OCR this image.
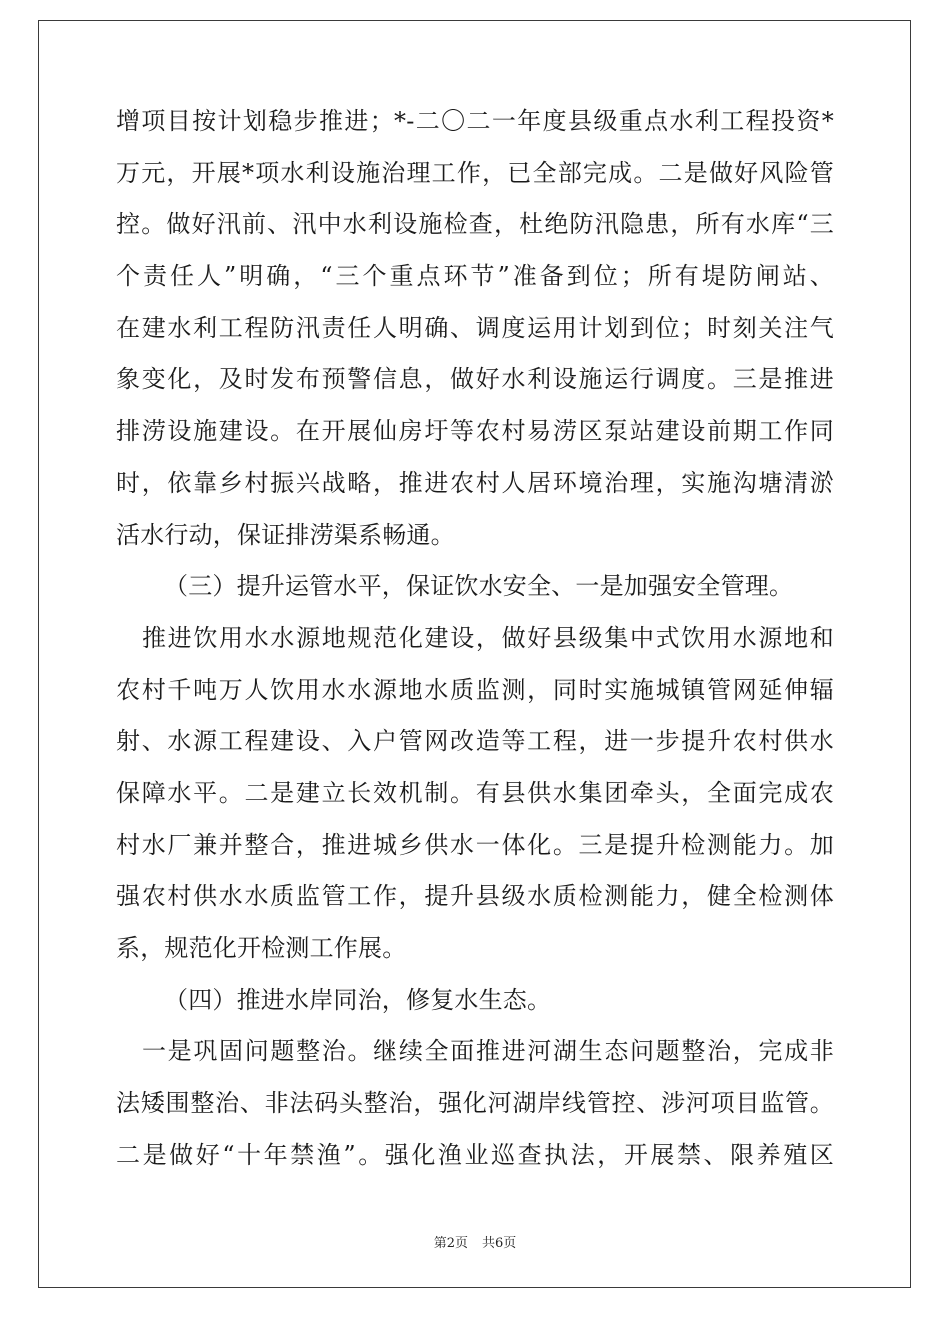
增项目按计划稳步推进；*-二〇二一年度县级重点水利工程投资*
万元，开展*项水利设施治理工作，已全部完成。二是做好风险管
控。做好汛前、汛中水利设施检查，杜绝防汛隐患，所有水库“三
个责任人”明确，“三个重点环节”准备到位；所有堤防闸站、
在建水利工程防汛责任人明确、调度运用计划到位；时刻关注气
象变化，及时发布预警信息，做好水利设施运行调度。三是推进
排涝设施建设。在开展仙房圩等农村易涝区泵站建设前期工作同
时，依靠乡村振兴战略，推进农村人居环境治理，实施沟塘清淤
活水行动，保证排涝渠系畅通。
（三）提升运管水平，保证饮水安全、一是加强安全管理。
推进饮用水水源地规范化建设，做好县级集中式饮用水源地和
农村千吨万人饮用水水源地水质监测，同时实施城镇管网延伸辐
射、水源工程建设、入户管网改造等工程，进一步提升农村供水
保障水平。二是建立长效机制。有县供水集团牵头，全面完成农
村水厂兼并整合，推进城乡供水一体化。三是提升检测能力。加
强农村供水水质监管工作，提升县级水质检测能力，健全检测体
系，规范化开检测工作展。
（四）推进水岸同治，修复水生态。
一是巩固问题整治。继续全面推进河湖生态问题整治，完成非
法矮围整治、非法码头整治，强化河湖岸线管控、涉河项目监管。
二是做好“十年禁渔”。强化渔业巡查执法，开展禁、限养殖区
第2页 共6页
